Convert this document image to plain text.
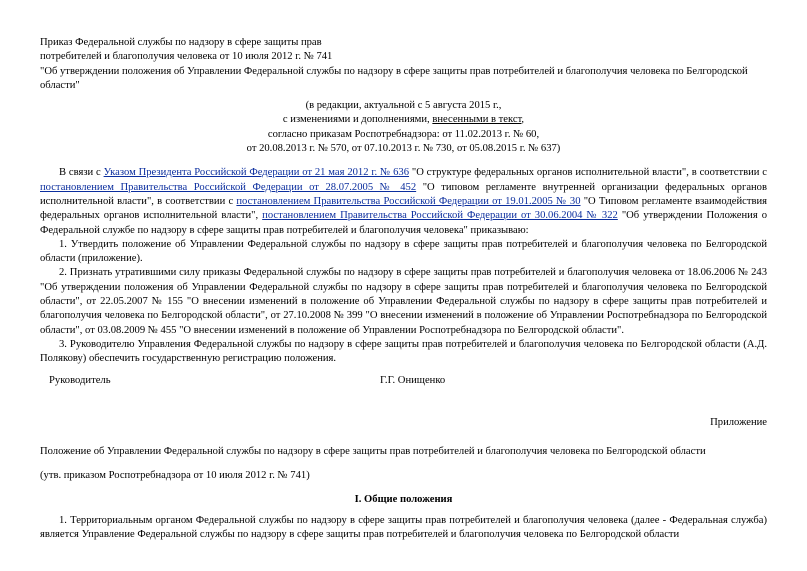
Приказ Федеральной службы по надзору в сфере защиты прав

потребителей и благополучия человека от 10 июля 2012 г. № 741

"Об утверждении положения об Управлении Федеральной службы по надзору в сфере защиты прав потребителей и благополучия человека по Белгородской области"

(в редакции, актуальной с 5 августа 2015 г.,

с изменениями и дополнениями, внесенными в текст,

согласно приказам Роспотребнадзора: от 11.02.2013 г. № 60,

от 20.08.2013 г. № 570, от 07.10.2013 г. № 730, от 05.08.2015 г. № 637)

В связи с Указом Президента Российской Федерации от 21 мая 2012 г. № 636 "О структуре федеральных органов исполнительной власти", в соответствии с постановлением Правительства Российской Федерации от 28.07.2005 № 452 "О типовом регламенте внутренней организации федеральных органов исполнительной власти", в соответствии с постановлением Правительства Российской Федерации от 19.01.2005 № 30 "О Типовом регламенте взаимодействия федеральных органов исполнительной власти", постановлением Правительства Российской Федерации от 30.06.2004 № 322 "Об утверждении Положения о Федеральной службе по надзору в сфере защиты прав потребителей и благополучия человека" приказываю:

1. Утвердить положение об Управлении Федеральной службы по надзору в сфере защиты прав потребителей и благополучия человека по Белгородской области (приложение).

2. Признать утратившими силу приказы Федеральной службы по надзору в сфере защиты прав потребителей и благополучия человека от 18.06.2006 № 243 "Об утверждении положения об Управлении Федеральной службы по надзору в сфере защиты прав потребителей и благополучия человека по Белгородской области", от 22.05.2007 № 155 "О внесении изменений в положение об Управлении Федеральной службы по надзору в сфере защиты прав потребителей и благополучия человека по Белгородской области", от 27.10.2008 № 399 "О внесении изменений в положение об Управлении Роспотребнадзора по Белгородской области", от 03.08.2009 № 455 "О внесении изменений в положение об Управлении Роспотребнадзора по Белгородской области".

3. Руководителю Управления Федеральной службы по надзору в сфере защиты прав потребителей и благополучия человека по Белгородской области (А.Д. Полякову) обеспечить государственную регистрацию положения.

Руководитель	Г.Г. Онищенко

Приложение

Положение об Управлении Федеральной службы по надзору в сфере защиты прав потребителей и благополучия человека по Белгородской области

(утв. приказом Роспотребнадзора от 10 июля 2012 г. № 741)

I. Общие положения

1. Территориальным органом Федеральной службы по надзору в сфере защиты прав потребителей и благополучия человека (далее - Федеральная служба) является Управление Федеральной службы по надзору в сфере защиты прав потребителей и благополучия человека по Белгородской области
